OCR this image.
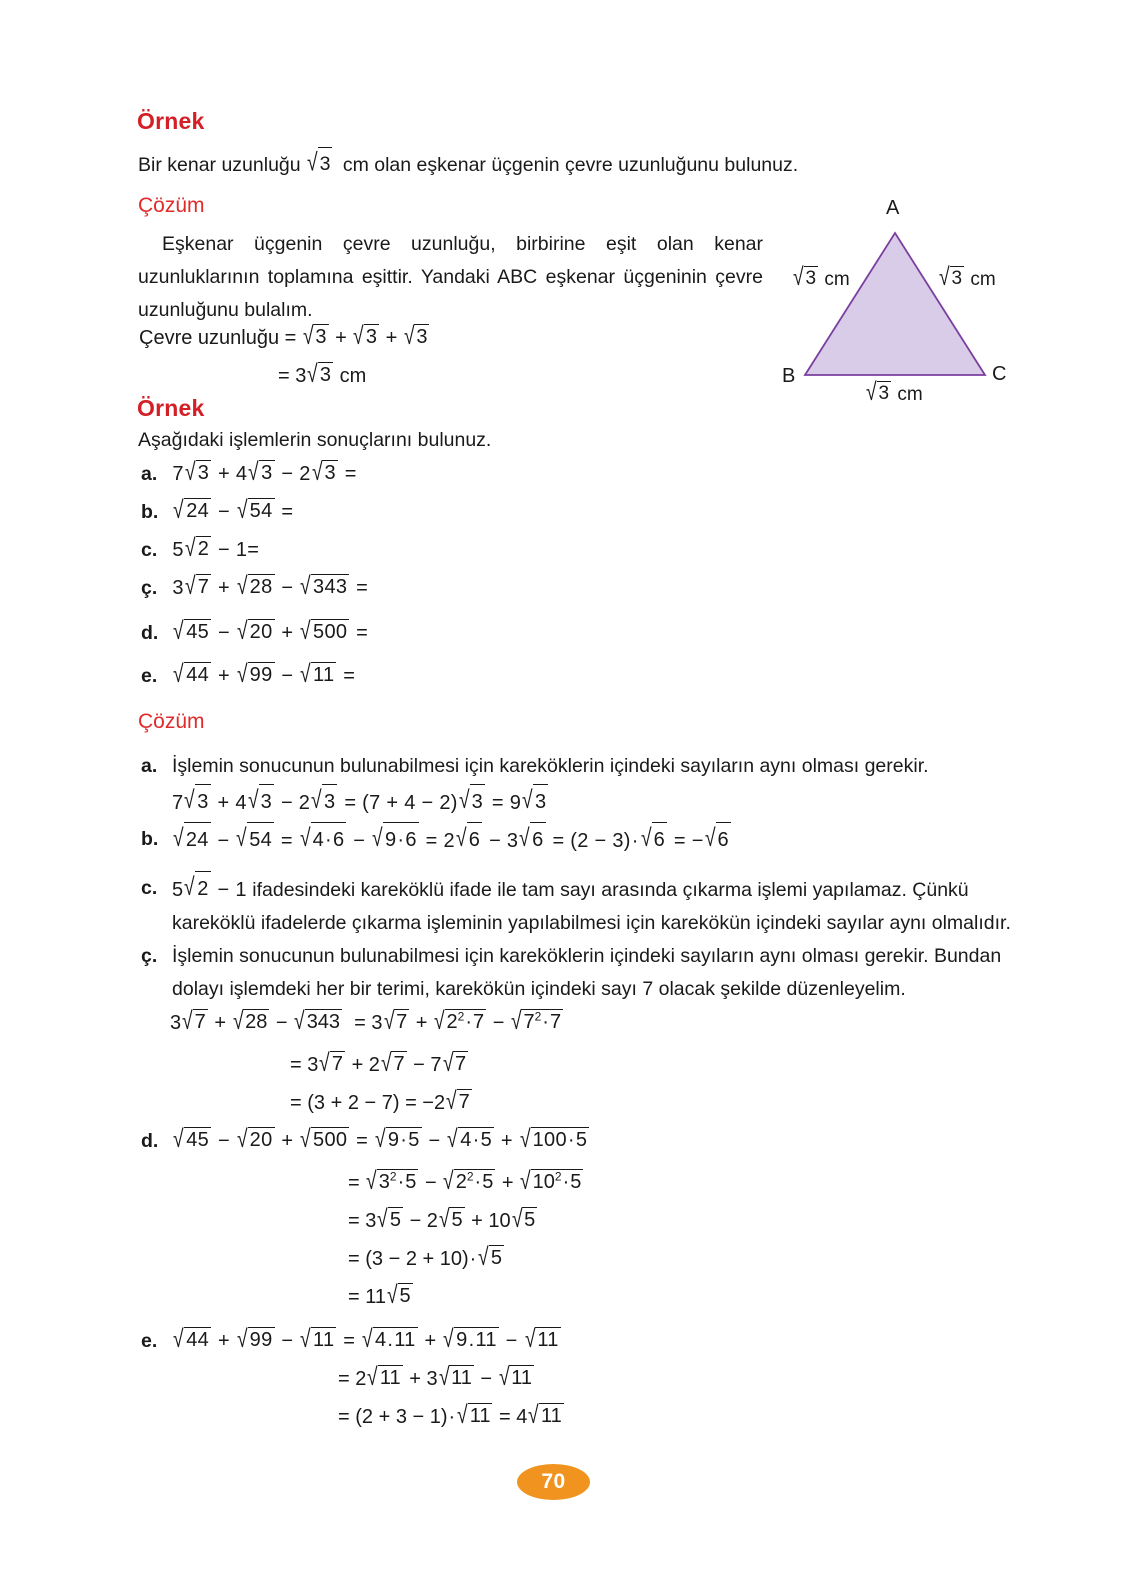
Örnek
Bir kenar uzunluğu √3 cm olan eşkenar üçgenin çevre uzunluğunu bulunuz.
Çözüm
Eşkenar üçgenin çevre uzunluğu, birbirine eşit olan kenar uzunluklarının toplamına eşittir. Yandaki ABC eşkenar üçgeninin çevre uzunluğunu bulalım.
Çevre uzunluğu = √3 + √3 + √3
= 3√3 cm
A
B	C
√ 3 cm	√ 3 cm
√ 3 cm
Örnek
Aşağıdaki işlemlerin sonuçlarını bulunuz.
a. 7√3 + 4√3 − 2√3 =
b. √24 − √54 =
c. 5√2 − 1=
ç. 3√7 + √28 − √343 =
d. √45 − √20 + √500 =
e. √44 + √99 − √11 =
Çözüm
a. İşlemin sonucunun bulunabilmesi için kareköklerin içindeki sayıların aynı olması gerekir.
7√3 + 4√3 − 2√3 = (7 + 4 − 2)√3 = 9√3
b. √24 − √54 = √4·6 − √9·6 = 2√6 − 3√6 = (2 − 3)·√6 = −√6
c. 5√2 − 1 ifadesindeki kareköklü ifade ile tam sayı arasında çıkarma işlemi yapılamaz. Çünkü
kareköklü ifadelerde çıkarma işleminin yapılabilmesi için karekökün içindeki sayılar aynı olmalıdır.
ç. İşlemin sonucunun bulunabilmesi için kareköklerin içindeki sayıların aynı olması gerekir. Bundan
dolayı işlemdeki her bir terimi, karekökün içindeki sayı 7 olacak şekilde düzenleyelim.
$3√7 + √28 - √343 = 3√7 + √2^2\cdot 7 - √7^2\cdot 7$
= 3√7 + 2√7 − 7√7
= (3 + 2 − 7) = −2√7
d. √45 − √20 + √500 = √9·5 − √4·5 + √100·5
= $√3^2\cdot 5 - √2^2\cdot 5 + √10^2\cdot 5$
= 3√5 − 2√5 + 10√5
= (3 − 2 + 10)·√5
= 11√5
e. √44 + √99 − √11 = √4.11 + √9.11 − √11
= 2√11 + 3√11 − √11
= (2 + 3 − 1)·√11 = 4√11
70
